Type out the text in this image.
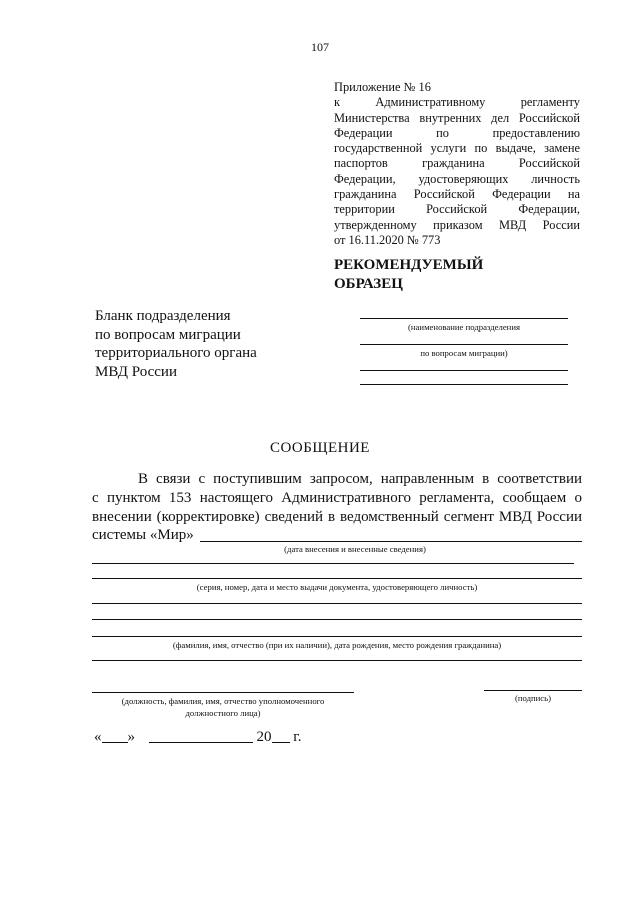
107
Приложение № 16
к Административному регламенту
Министерства внутренних дел Российской
Федерации по предоставлению
государственной услуги по выдаче, замене
паспортов гражданина Российской
Федерации, удостоверяющих личность
гражданина Российской Федерации на
территории Российской Федерации,
утвержденному приказом МВД России
от 16.11.2020 № 773
РЕКОМЕНДУЕМЫЙ
ОБРАЗЕЦ
Бланк подразделения
по вопросам миграции
территориального органа
МВД России
(наименование подразделения
по вопросам миграции)
СООБЩЕНИЕ
В связи с поступившим запросом, направленным в соответствии
с пунктом 153 настоящего Административного регламента, сообщаем о
внесении (корректировке) сведений в ведомственный сегмент МВД России
системы «Мир»
(дата внесения и внесенные сведения)
(серия, номер, дата и место выдачи документа, удостоверяющего личность)
(фамилия, имя, отчество (при их наличии), дата рождения, место рождения гражданина)
(должность, фамилия, имя, отчество уполномоченного
должностного лица)
(подпись)
« »	20 г.
